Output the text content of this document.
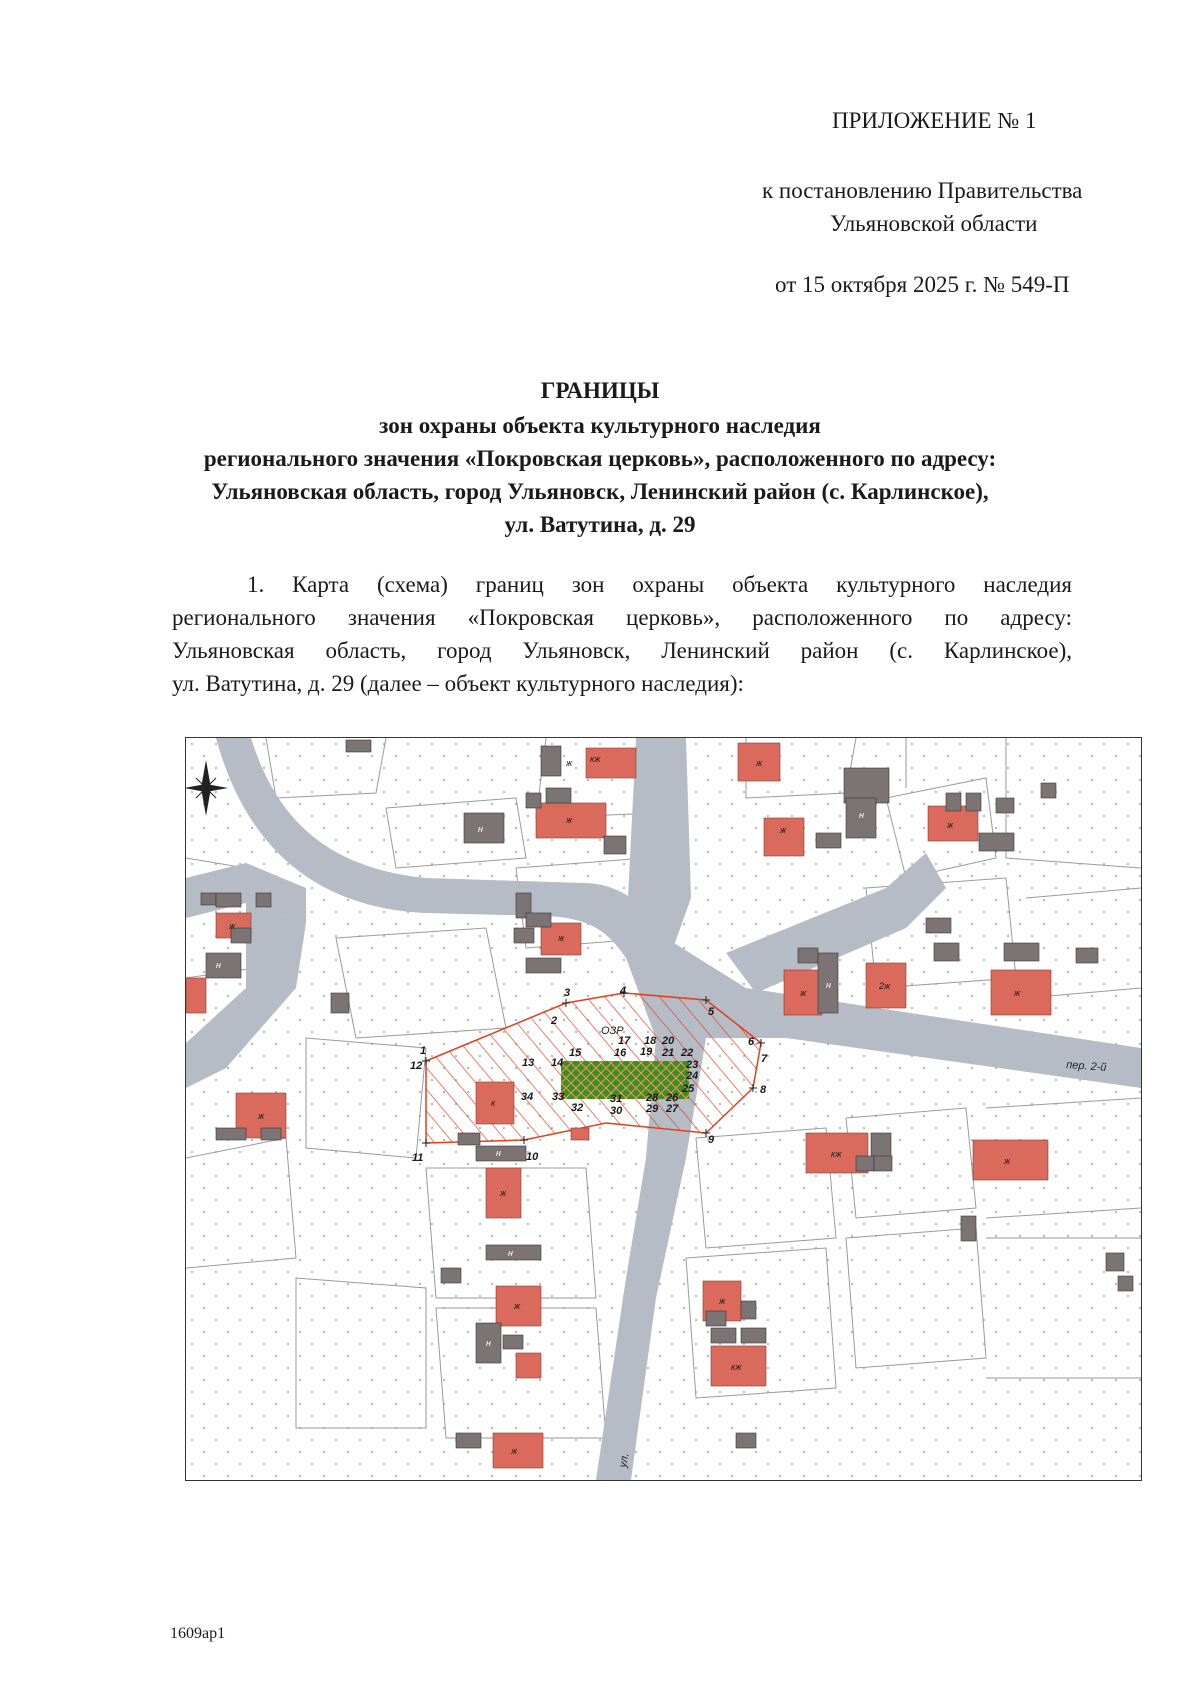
ПРИЛОЖЕНИЕ № 1
к постановлению Правительства
Ульяновской области
от 15 октября 2025 г. № 549-П
ГРАНИЦЫ
зон охраны объекта культурного наследия
регионального значения «Покровская церковь», расположенного по адресу:
Ульяновская область, город Ульяновск, Ленинский район (с. Карлинское),
ул. Ватутина, д. 29
1. Карта (схема) границ зон охраны объекта культурного наследия
регионального значения «Покровская церковь», расположенного по адресу:
Ульяновская область, город Ульяновск, Ленинский район (с. Карлинское),
ул. Ватутина, д. 29 (далее – объект культурного наследия):
ОЗР
ж	ж
ж	ж
ж
ж
ж
ж	ж
ж
ж
ж
ж	ж
ж
кж
кж
кж
2ж
к
н
н
н
н
н
н
н
пер. 2-й
ул.
1
2
3	4
5
6
7
8
9
10
11
12	13 14
15	16
17 18
19
20
21 22
23
24
25
26
27
28
29
30
31
32
33
34
1609ар1
